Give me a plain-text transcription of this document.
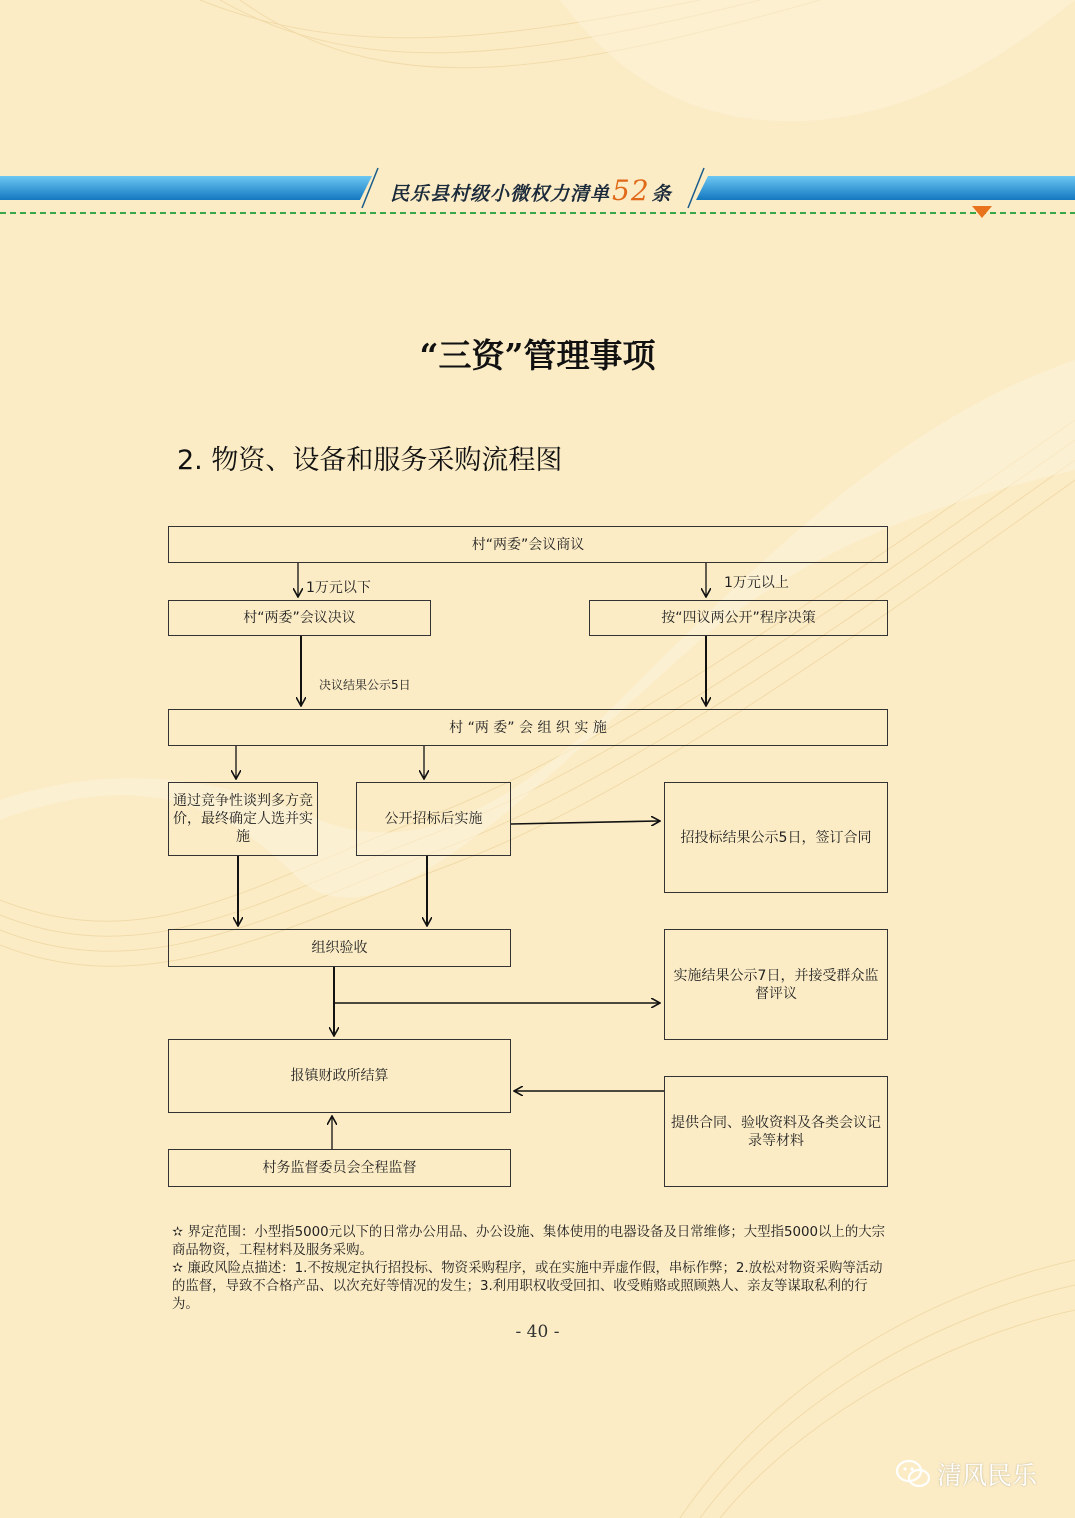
民乐县村级小微权力清单52 条
“三资”管理事项
2. 物资、设备和服务采购流程图
村“两委”会议商议
1万元以下	1万元以上
村“两委”会议决议	按“四议两公开”程序决策
决议结果公示5日
村 “两 委” 会 组 织 实 施
通过竞争性谈判多方竞价，最终确定人选并实施
公开招标后实施
招投标结果公示5日，签订合同
组织验收
实施结果公示7日，并接受群众监督评议
报镇财政所结算
提供合同、验收资料及各类会议记录等材料
村务监督委员会全程监督

✫ 界定范围：小型指5000元以下的日常办公用品、办公设施、集体使用的电器设备及日常维修；大型指5000以上的大宗商品物资，工程材料及服务采购。

✫ 廉政风险点描述：1.不按规定执行招投标、物资采购程序，或在实施中弄虚作假，串标作弊；2.放松对物资采购等活动的监督，导致不合格产品、以次充好等情况的发生；3.利用职权收受回扣、收受贿赂或照顾熟人、亲友等谋取私利的行为。

- 40 -
清风民乐
